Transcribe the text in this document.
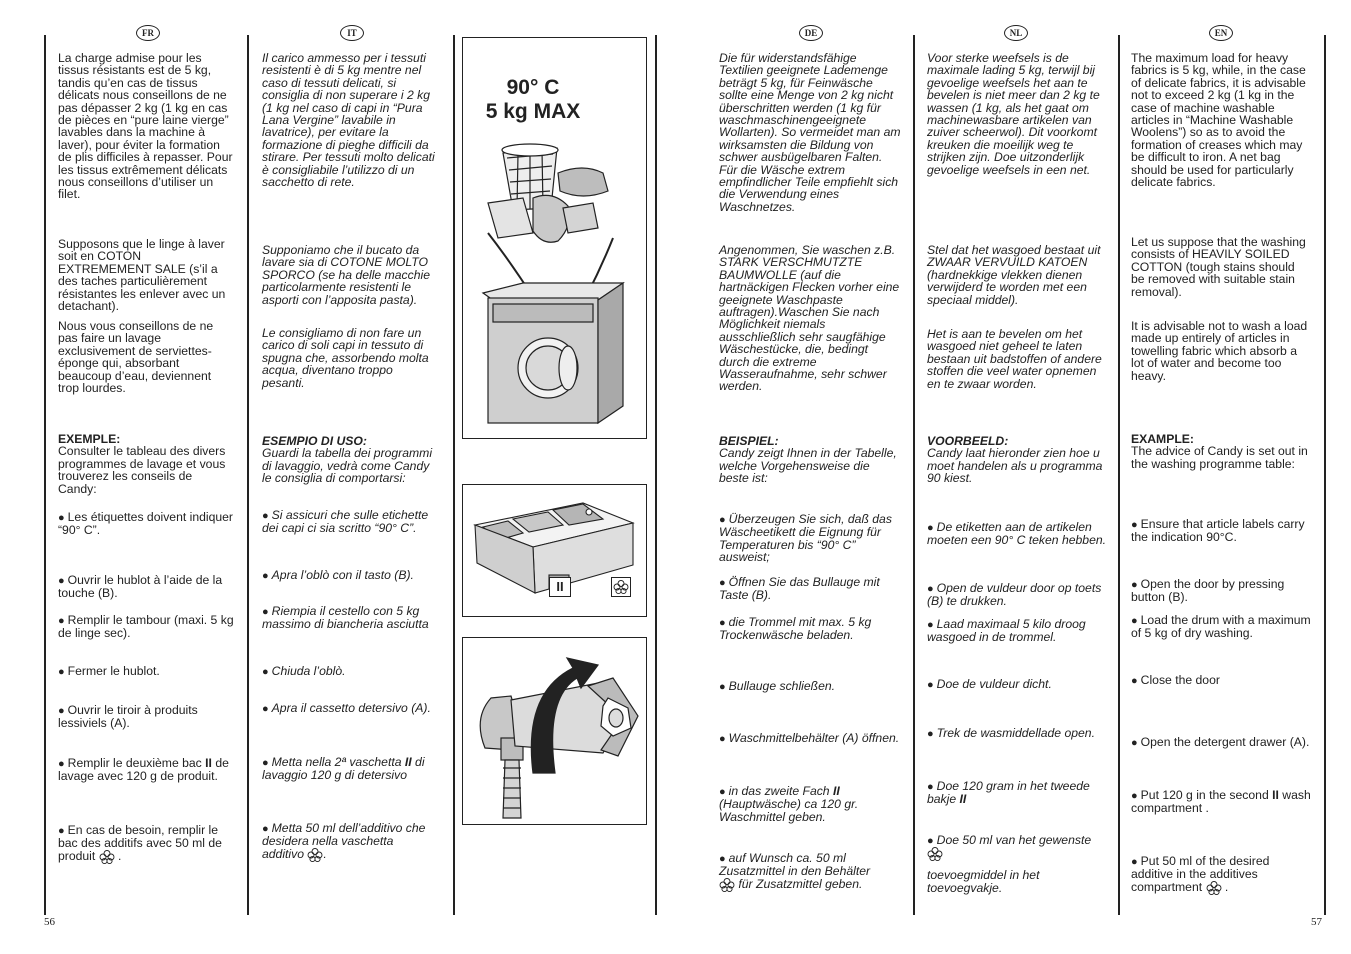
FR	IT	DE	NL	EN
56	57

La charge admise pour les tissus résistants est de 5 kg, tandis qu’en cas de tissus délicats nous conseillons de ne pas dépasser 2 kg (1 kg en cas de pièces en “pure laine vierge” lavables dans la machine à laver), pour éviter la formation de plis difficiles à repasser. Pour les tissus extrêmement délicats nous conseillons d’utiliser un filet.

Supposons que le linge à laver soit en COTON EXTREMEMENT SALE (s’il a des taches particulièrement résistantes les enlever avec un detachant).

Nous vous conseillons de ne pas faire un lavage exclusivement de serviettes-éponge qui, absorbant beaucoup d’eau, deviennent trop lourdes.

EXEMPLE:
Consulter le tableau des divers programmes de lavage et vous trouverez les conseils de Candy:

● Les étiquettes doivent indiquer “90° C”.

● Ouvrir le hublot à l’aide de la touche (B).

● Remplir le tambour (maxi. 5 kg de linge sec).

● Fermer le hublot.

● Ouvrir le tiroir à produits lessiviels (A).

● Remplir le deuxième bac II de lavage avec 120 g de produit.

● En cas de besoin, remplir le bac des additifs avec 50 ml de produit .

Il carico ammesso per i tessuti resistenti è di 5 kg mentre nel caso di tessuti delicati, si consiglia di non superare i 2 kg (1 kg nel caso di capi in “Pura Lana Vergine” lavabile in lavatrice), per evitare la formazione di pieghe difficili da stirare. Per tessuti molto delicati è consigliabile l’utilizzo di un sacchetto di rete.

Supponiamo che il bucato da lavare sia di COTONE MOLTO SPORCO (se ha delle macchie particolarmente resistenti le asporti con l’apposita pasta).

Le consigliamo di non fare un carico di soli capi in tessuto di spugna che, assorbendo molta acqua, diventano troppo pesanti.

ESEMPIO DI USO:
Guardi la tabella dei programmi di lavaggio, vedrà come Candy le consiglia di comportarsi:

● Si assicuri che sulle etichette dei capi ci sia scritto “90° C”.

● Apra l’oblò con il tasto (B).

● Riempia il cestello con 5 kg massimo di biancheria asciutta

● Chiuda l’oblò.

● Apra il cassetto detersivo (A).

● Metta nella 2ª vaschetta II di lavaggio 120 g di detersivo

● Metta 50 ml dell’additivo che desidera nella vaschetta additivo .

Die für widerstandsfähige Textilien geeignete Lademenge beträgt 5 kg, für Feinwäsche sollte eine Menge von 2 kg nicht überschritten werden (1 kg für waschmaschinengeeignete Wollarten). So vermeidet man am wirksamsten die Bildung von schwer ausbügelbaren Falten. Für die Wäsche extrem empfindlicher Teile empfiehlt sich die Verwendung eines Waschnetzes.

Angenommen, Sie waschen z.B. STARK VERSCHMUTZTE BAUMWOLLE (auf die hartnäckigen Flecken vorher eine geeignete Waschpaste auftragen).Waschen Sie nach Möglichkeit niemals ausschließlich sehr saugfähige Wäschestücke, die, bedingt durch die extreme Wasseraufnahme, sehr schwer werden.

BEISPIEL:
Candy zeigt Ihnen in der Tabelle, welche Vorgehensweise die beste ist:

● Überzeugen Sie sich, daß das Wäscheetikett die Eignung für Temperaturen bis “90° C” ausweist;

● Öffnen Sie das Bullauge mit Taste (B).

● die Trommel mit max. 5 kg Trockenwäsche beladen.

● Bullauge schließen.

● Waschmittelbehälter (A) öffnen.

● in das zweite Fach II (Hauptwäsche) ca 120 gr. Waschmittel geben.

● auf Wunsch ca. 50 ml Zusatzmittel in den Behälter
für Zusatzmittel geben.

Voor sterke weefsels is de maximale lading 5 kg, terwijl bij gevoelige weefsels het aan te bevelen is niet meer dan 2 kg te wassen (1 kg, als het gaat om machinewasbare artikelen van zuiver scheerwol). Dit voorkomt kreuken die moeilijk weg te strijken zijn. Doe uitzonderlijk gevoelige weefsels in een net.

Stel dat het wasgoed bestaat uit ZWAAR VERVUILD KATOEN (hardnekkige vlekken dienen verwijderd te worden met een speciaal middel).

Het is aan te bevelen om het wasgoed niet geheel te laten bestaan uit badstoffen of andere stoffen die veel water opnemen en te zwaar worden.

VOORBEELD:
Candy laat hieronder zien hoe u moet handelen als u programma 90 kiest.

● De etiketten aan de artikelen moeten een 90° C teken hebben.

● Open de vuldeur door op toets (B) te drukken.

● Laad maximaal 5 kilo droog wasgoed in de trommel.

● Doe de vuldeur dicht.

● Trek de wasmiddellade open.

● Doe 120 gram in het tweede bakje II

● Doe 50 ml van het gewenste
toevoegmiddel in het toevoegvakje.

The maximum load for heavy fabrics is 5 kg, while, in the case of delicate fabrics, it is advisable not to exceed 2 kg (1 kg in the case of machine washable articles in “Machine Washable Woolens”) so as to avoid the formation of creases which may be difficult to iron. A net bag should be used for particularly delicate fabrics.

Let us suppose that the washing consists of HEAVILY SOILED COTTON (tough stains should be removed with suitable stain removal).

It is advisable not to wash a load made up entirely of articles in towelling fabric which absorb a lot of water and become too heavy.

EXAMPLE:
The advice of Candy is set out in the washing programme table:

● Ensure that article labels carry the indication 90°C.

● Open the door by pressing button (B).

● Load the drum with a maximum of 5 kg of dry washing.

● Close the door

● Open the detergent drawer (A).

● Put 120 g in the second II wash compartment .

● Put 50 ml of the desired additive in the additives compartment .

90° C
5 kg MAX
II
